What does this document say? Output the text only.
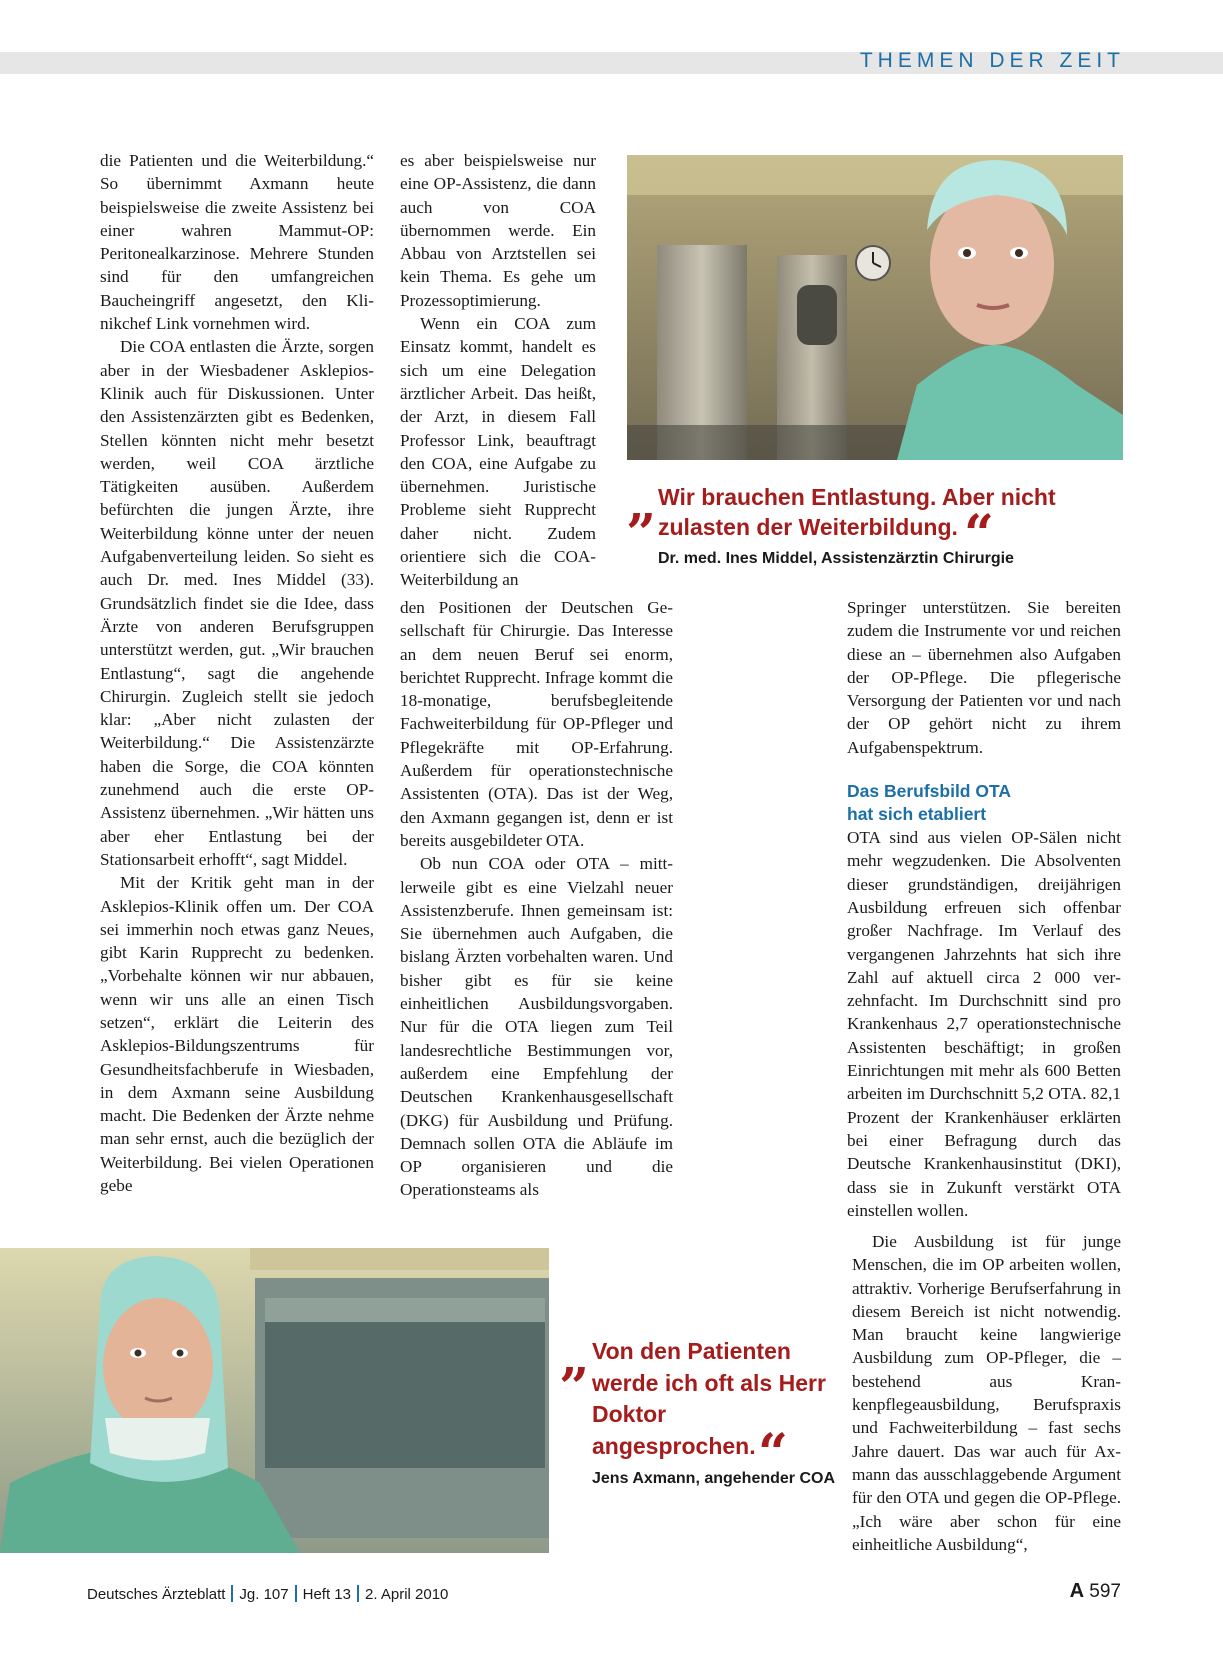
THEMEN DER ZEIT

die Patienten und die Weiterbildung.“ So übernimmt Axmann heute beispielsweise die zweite Assistenz bei einer wahren Mammut-OP: Peritonealkarzinose. Mehrere Stunden sind für den umfangreichen Baucheingriff angesetzt, den Klinikchef Link vornehmen wird.

Die COA entlasten die Ärzte, sorgen aber in der Wiesbadener Asklepios-Klinik auch für Diskussionen. Unter den Assistenzärzten gibt es Bedenken, Stellen könnten nicht mehr besetzt werden, weil COA ärztliche Tätigkeiten ausüben. Außerdem befürchten die jungen Ärzte, ihre Weiterbildung könne unter der neuen Aufgabenverteilung leiden. So sieht es auch Dr. med. Ines Middel (33). Grundsätzlich findet sie die Idee, dass Ärzte von anderen Berufsgruppen unterstützt werden, gut. „Wir brauchen Entlastung“, sagt die angehende Chirurgin. Zugleich stellt sie jedoch klar: „Aber nicht zulasten der Weiterbildung.“ Die Assistenzärzte haben die Sorge, die COA könnten zunehmend auch die erste OP-Assistenz übernehmen. „Wir hätten uns aber eher Entlastung bei der Stationsarbeit erhofft“, sagt Middel.

Mit der Kritik geht man in der Asklepios-Klinik offen um. Der COA sei immerhin noch etwas ganz Neues, gibt Karin Rupprecht zu bedenken. „Vorbehalte können wir nur abbauen, wenn wir uns alle an einen Tisch setzen“, erklärt die Leiterin des Asklepios-Bildungszentrums für Gesundheitsfachberufe in Wiesbaden, in dem Axmann seine Ausbildung macht. Die Bedenken der Ärzte nehme man sehr ernst, auch die bezüglich der Weiterbildung. Bei vielen Operationen gebe

es aber beispielsweise nur eine OP-Assistenz, die dann auch von COA übernommen werde. Ein Abbau von Arztstellen sei kein Thema. Es gehe um Prozessoptimierung.

Wenn ein COA zum Einsatz kommt, handelt es sich um eine Delegation ärztlicher Arbeit. Das heißt, der Arzt, in diesem Fall Professor Link, beauftragt den COA, eine Aufgabe zu übernehmen. Juristische Probleme sieht Rupprecht daher nicht. Zudem orientiere sich die COA-Weiterbildung an

den Positionen der Deutschen Gesellschaft für Chirurgie. Das Interesse an dem neuen Beruf sei enorm, berichtet Rupprecht. Infrage kommt die 18-monatige, berufsbegleitende Fachweiterbildung für OP-Pfleger und Pflegekräfte mit OP-Erfahrung. Außerdem für operationstechnische Assistenten (OTA). Das ist der Weg, den Axmann gegangen ist, denn er ist bereits ausgebildeter OTA.

Ob nun COA oder OTA – mittlerweile gibt es eine Vielzahl neuer Assistenzberufe. Ihnen gemeinsam ist: Sie übernehmen auch Aufgaben, die bislang Ärzten vorbehalten waren. Und bisher gibt es für sie keine einheitlichen Ausbildungsvorgaben. Nur für die OTA liegen zum Teil landesrechtliche Bestimmungen vor, außerdem eine Empfehlung der Deutschen Krankenhausgesellschaft (DKG) für Ausbildung und Prüfung. Demnach sollen OTA die Abläufe im OP organisieren und die Operationsteams als

„ Wir brauchen Entlastung. Aber nicht zulasten der Weiterbildung. “
Dr. med. Ines Middel, Assistenzärztin Chirurgie

Springer unterstützen. Sie bereiten zudem die Instrumente vor und reichen diese an – übernehmen also Aufgaben der OP-Pflege. Die pflegerische Versorgung der Patienten vor und nach der OP gehört nicht zu ihrem Aufgabenspektrum.

Das Berufsbild OTA
hat sich etabliert

OTA sind aus vielen OP-Sälen nicht mehr wegzudenken. Die Absolventen dieser grundständigen, dreijährigen Ausbildung erfreuen sich offenbar großer Nachfrage. Im Verlauf des vergangenen Jahrzehnts hat sich ihre Zahl auf aktuell circa 2 000 verzehnfacht. Im Durchschnitt sind pro Krankenhaus 2,7 operationstechnische Assistenten beschäftigt; in großen Einrichtungen mit mehr als 600 Betten arbeiten im Durchschnitt 5,2 OTA. 82,1 Prozent der Krankenhäuser erklärten bei einer Befragung durch das Deutsche Krankenhausinstitut (DKI), dass sie in Zukunft verstärkt OTA einstellen wollen.

Die Ausbildung ist für junge Menschen, die im OP arbeiten wollen, attraktiv. Vorherige Berufserfahrung in diesem Bereich ist nicht notwendig. Man braucht keine langwierige Ausbildung zum OP-Pfleger, die – bestehend aus Krankenpflegeausbildung, Berufspraxis und Fachweiterbildung – fast sechs Jahre dauert. Das war auch für Axmann das ausschlaggebende Argument für den OTA und gegen die OP-Pflege. „Ich wäre aber schon für eine einheitliche Ausbildung“,

„ Von den Patienten werde ich oft als Herr Doktor angesprochen. “
Jens Axmann, angehender COA
Deutsches Ärzteblatt Jg. 107 Heft 13 2. April 2010	A 597
